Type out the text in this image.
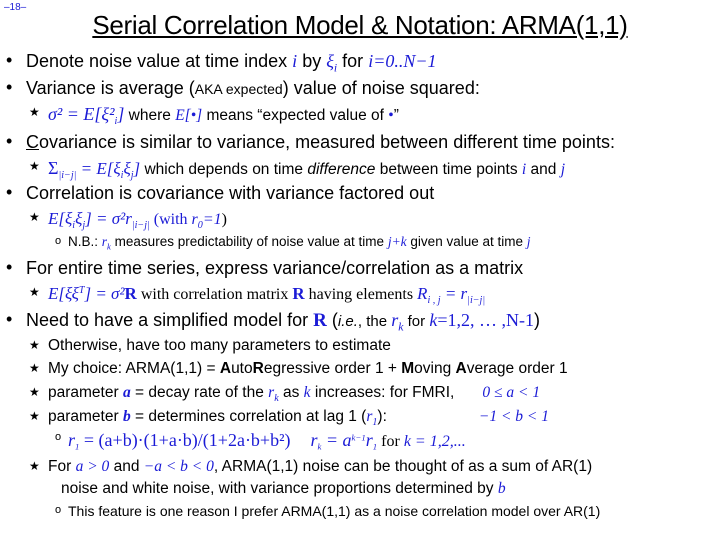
–18–
Serial Correlation Model & Notation: ARMA(1,1)
• Denote noise value at time index i by $\xi_i$ for i=0..N−1
• Variance is average (AKA expected) value of noise squared:
★ $\sigma^2 = E[\xi^2_i]$ where E[•] means “expected value of •”
• Covariance is similar to variance, measured between different time points:
★ $\Sigma_{|i-j|} = E[\xi_i\xi_j]$ which depends on time difference between time points i and j
• Correlation is covariance with variance factored out
★ $E[\xi_i\xi_j] = \sigma^2r_{|i-j|}$ (with $r_0=1$)
o N.B.: $r_k$ measures predictability of noise value at time j+k given value at time j
• For entire time series, express variance/correlation as a matrix
★ $E[\xi\xi^T] = \sigma^2R$ with correlation matrix R having elements $R_{i , j} = r_{|i-j|}$
• Need to have a simplified model for R (i.e., the $r_k$ for k=1,2, … ,N-1)
★ Otherwise, have too many parameters to estimate
★ My choice: ARMA(1,1) = AutoRegressive order 1 + Moving Average order 1
★ parameter a = decay rate of the $r_k$ as k increases: for FMRI, 0 ≤ a < 1
★ parameter b = determines correlation at lag 1 $(r_1)$:	−1 < b < 1
o $r_1 = (a+b)\cdot(1+a\cdot b)/(1+2a\cdot b+b^2) r_k = a^{k-1}r_1$ for k = 1,2,...
★ For a > 0 and −a < b < 0, ARMA(1,1) noise can be thought of as a sum of AR(1)
noise and white noise, with variance proportions determined by b
o This feature is one reason I prefer ARMA(1,1) as a noise correlation model over AR(1)
